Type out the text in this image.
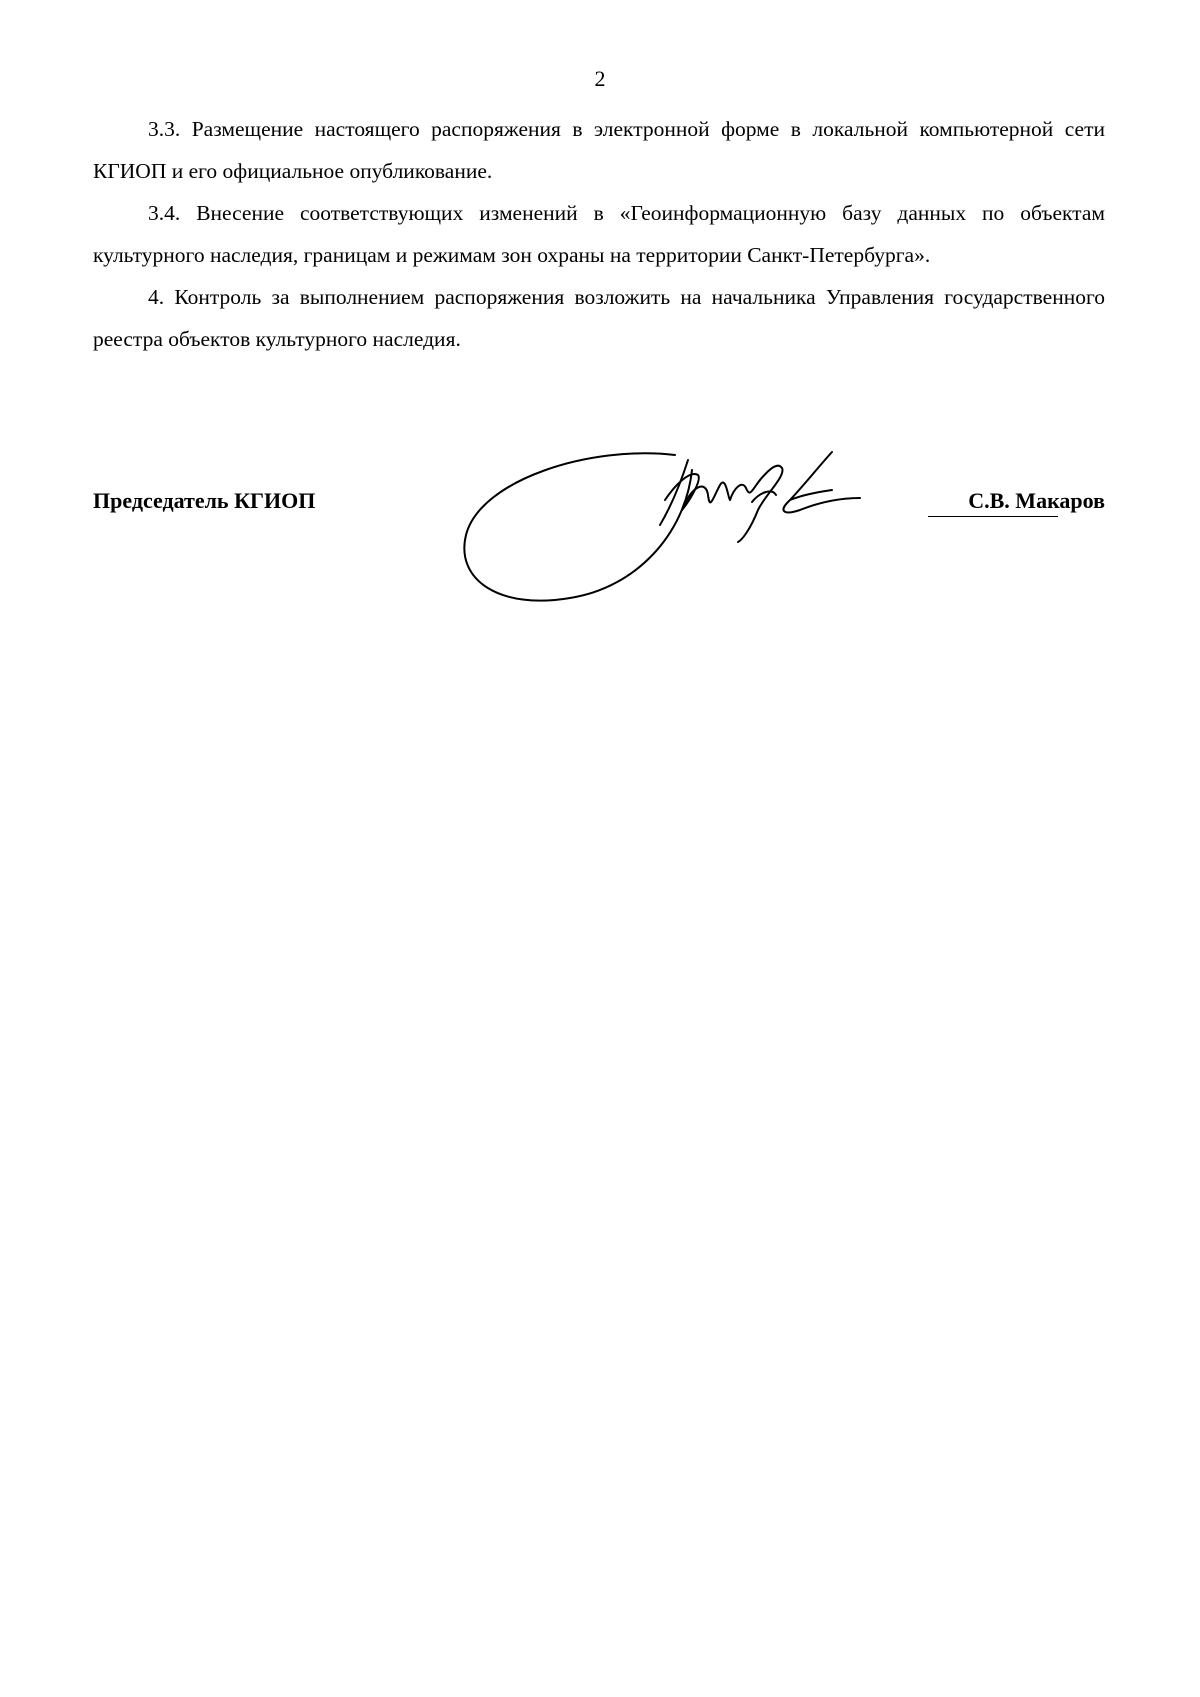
2

3.3. Размещение настоящего распоряжения в электронной форме в локальной компьютерной сети КГИОП и его официальное опубликование.

3.4. Внесение соответствующих изменений в «Геоинформационную базу данных по объектам культурного наследия, границам и режимам зон охраны на территории Санкт-Петербурга».

4. Контроль за выполнением распоряжения возложить на начальника Управления государственного реестра объектов культурного наследия.

Председатель КГИОП	С.В. Макаров
